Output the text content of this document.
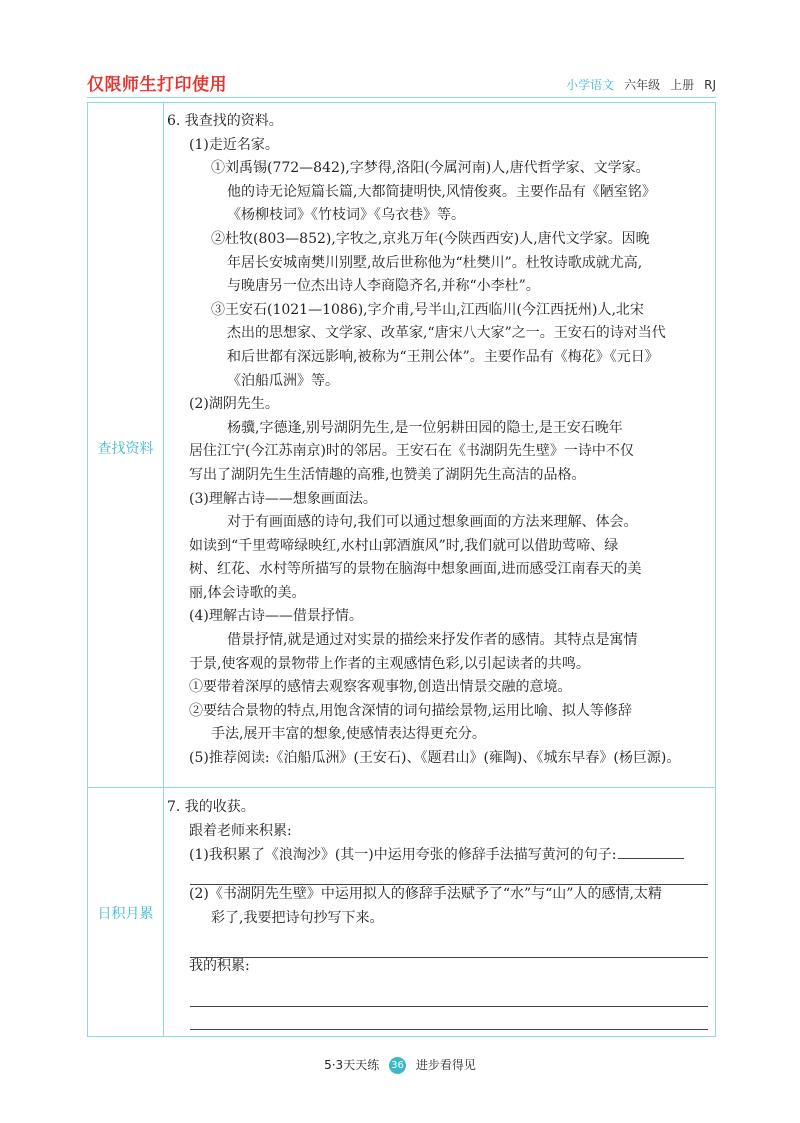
仅限师生打印使用	小学语文 六年级 上册 RJ
查找资料
日积月累
6. 我查找的资料。
(1)走近名家。
①刘禹锡(772—842),字梦得,洛阳(今属河南)人,唐代哲学家、文学家。
他的诗无论短篇长篇,大都简捷明快,风情俊爽。主要作品有《陋室铭》
《杨柳枝词》《竹枝词》《乌衣巷》等。
②杜牧(803—852),字牧之,京兆万年(今陕西西安)人,唐代文学家。因晚
年居长安城南樊川别墅,故后世称他为“杜樊川”。杜牧诗歌成就尤高,
与晚唐另一位杰出诗人李商隐齐名,并称“小李杜”。
③王安石(1021—1086),字介甫,号半山,江西临川(今江西抚州)人,北宋
杰出的思想家、文学家、改革家,“唐宋八大家”之一。王安石的诗对当代
和后世都有深远影响,被称为“王荆公体”。主要作品有《梅花》《元日》
《泊船瓜洲》等。
(2)湖阴先生。
杨骥,字德逢,别号湖阴先生,是一位躬耕田园的隐士,是王安石晚年
居住江宁(今江苏南京)时的邻居。王安石在《书湖阴先生壁》一诗中不仅
写出了湖阴先生生活情趣的高雅,也赞美了湖阴先生高洁的品格。
(3)理解古诗——想象画面法。
对于有画面感的诗句,我们可以通过想象画面的方法来理解、体会。
如读到“千里莺啼绿映红,水村山郭酒旗风”时,我们就可以借助莺啼、绿
树、红花、水村等所描写的景物在脑海中想象画面,进而感受江南春天的美
丽,体会诗歌的美。
(4)理解古诗——借景抒情。
借景抒情,就是通过对实景的描绘来抒发作者的感情。其特点是寓情
于景,使客观的景物带上作者的主观感情色彩,以引起读者的共鸣。
①要带着深厚的感情去观察客观事物,创造出情景交融的意境。
②要结合景物的特点,用饱含深情的词句描绘景物,运用比喻、拟人等修辞
手法,展开丰富的想象,使感情表达得更充分。
(5)推荐阅读:《泊船瓜洲》(王安石)、《题君山》(雍陶)、《城东早春》(杨巨源)。
7. 我的收获。
跟着老师来积累:
(1)我积累了《浪淘沙》(其一)中运用夸张的修辞手法描写黄河的句子:
(2)《书湖阴先生壁》中运用拟人的修辞手法赋予了“水”与“山”人的感情,太精
彩了,我要把诗句抄写下来。
我的积累:
5·3天天练 36 进步看得见
